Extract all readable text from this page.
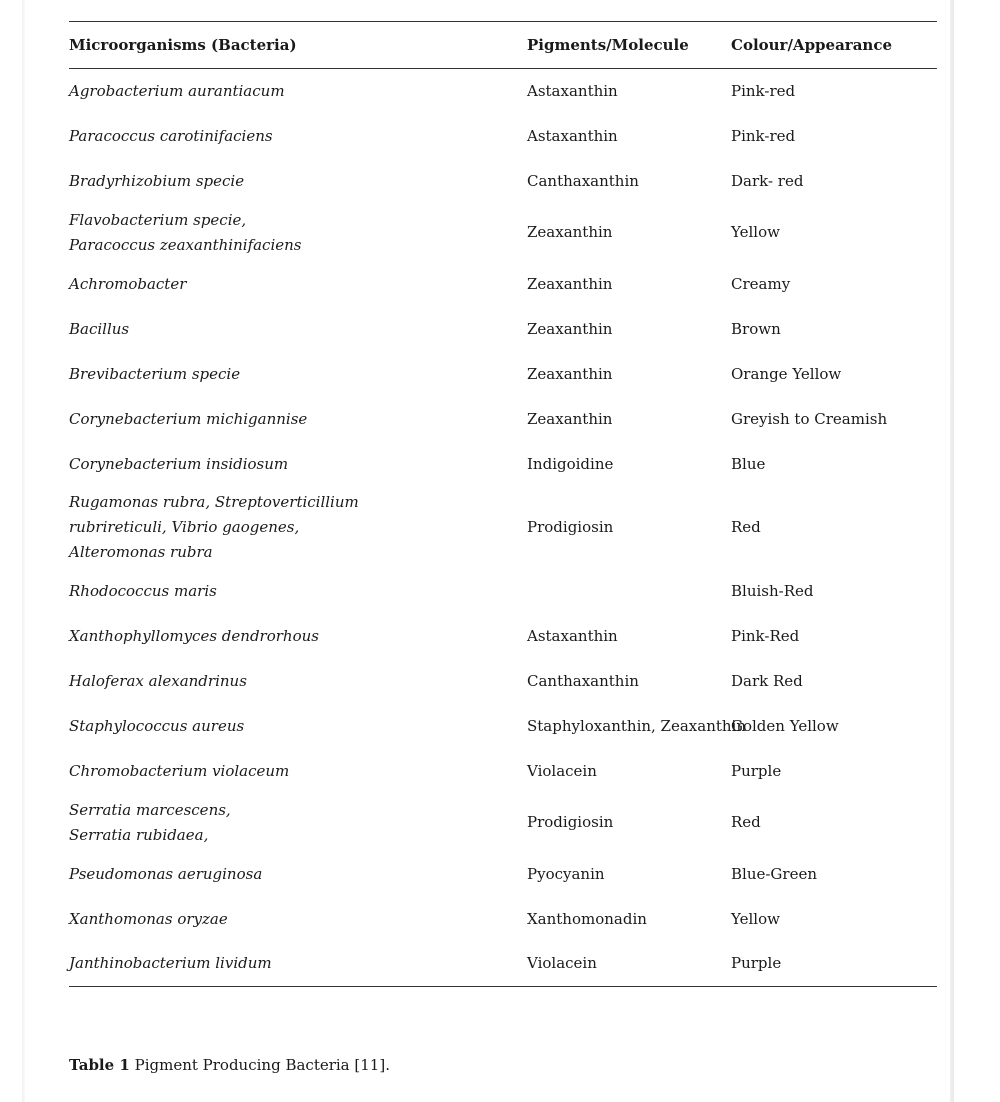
Microorganisms (Bacteria)	Pigments/Molecule	Colour/Appearance

Agrobacterium aurantiacum	Astaxanthin	Pink-red

Paracoccus carotinifaciens	Astaxanthin	Pink-red

Bradyrhizobium specie	Canthaxanthin	Dark- red

Flavobacterium specie,
Paracoccus zeaxanthinifaciens	Zeaxanthin	Yellow

Achromobacter	Zeaxanthin	Creamy

Bacillus	Zeaxanthin	Brown

Brevibacterium specie	Zeaxanthin	Orange Yellow

Corynebacterium michigannise	Zeaxanthin	Greyish to Creamish

Corynebacterium insidiosum	Indigoidine	Blue

Rugamonas rubra, Streptoverticillium
rubrireticuli, Vibrio gaogenes,
Alteromonas rubra	Prodigiosin	Red

Rhodococcus maris		Bluish-Red

Xanthophyllomyces dendrorhous	Astaxanthin	Pink-Red

Haloferax alexandrinus	Canthaxanthin	Dark Red

Staphylococcus aureus	Staphyloxanthin, Zeaxanthin	Golden Yellow

Chromobacterium violaceum	Violacein	Purple

Serratia marcescens,
Serratia rubidaea,	Prodigiosin	Red

Pseudomonas aeruginosa	Pyocyanin	Blue-Green

Xanthomonas oryzae	Xanthomonadin	Yellow

Janthinobacterium lividum	Violacein	Purple
Table 1 Pigment Producing Bacteria [11].
